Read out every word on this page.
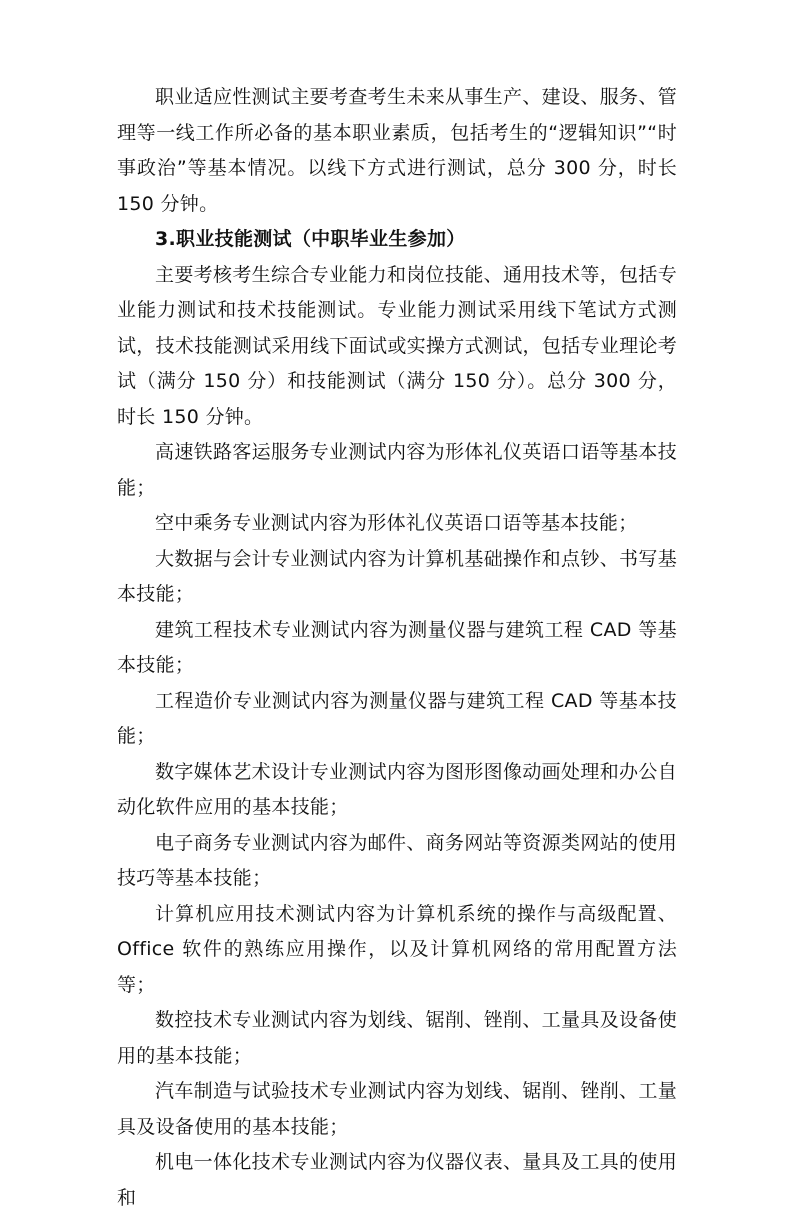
职业适应性测试主要考查考生未来从事生产、建设、服务、管理等一线工作所必备的基本职业素质，包括考生的“逻辑知识”“时事政治”等基本情况。以线下方式进行测试，总分 300 分，时长 150 分钟。

3.职业技能测试（中职毕业生参加）

主要考核考生综合专业能力和岗位技能、通用技术等，包括专业能力测试和技术技能测试。专业能力测试采用线下笔试方式测试，技术技能测试采用线下面试或实操方式测试，包括专业理论考试（满分 150 分）和技能测试（满分 150 分）。总分 300 分，时长 150 分钟。

高速铁路客运服务专业测试内容为形体礼仪英语口语等基本技能；

空中乘务专业测试内容为形体礼仪英语口语等基本技能；

大数据与会计专业测试内容为计算机基础操作和点钞、书写基本技能；

建筑工程技术专业测试内容为测量仪器与建筑工程 CAD 等基本技能；

工程造价专业测试内容为测量仪器与建筑工程 CAD 等基本技能；

数字媒体艺术设计专业测试内容为图形图像动画处理和办公自动化软件应用的基本技能；

电子商务专业测试内容为邮件、商务网站等资源类网站的使用技巧等基本技能；

计算机应用技术测试内容为计算机系统的操作与高级配置、Office 软件的熟练应用操作，以及计算机网络的常用配置方法等；

数控技术专业测试内容为划线、锯削、锉削、工量具及设备使用的基本技能；

汽车制造与试验技术专业测试内容为划线、锯削、锉削、工量具及设备使用的基本技能；

机电一体化技术专业测试内容为仪器仪表、量具及工具的使用和
